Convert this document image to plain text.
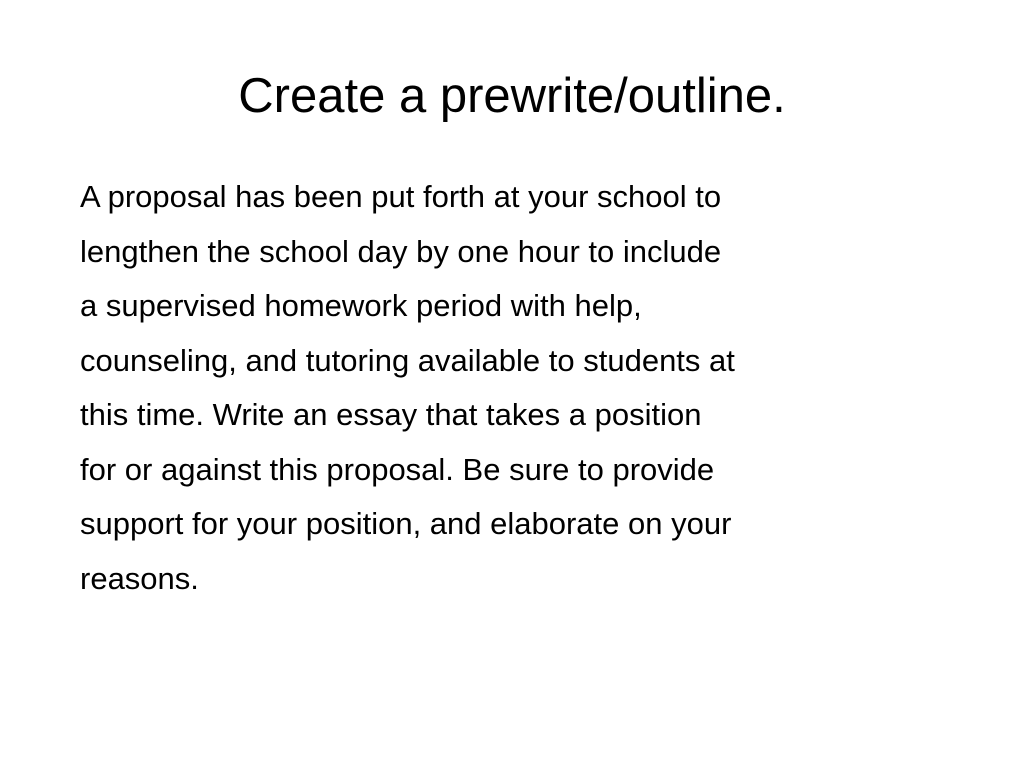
Create a prewrite/outline.
A proposal has been put forth at your school to
lengthen the school day by one hour to include
a supervised homework period with help,
counseling, and tutoring available to students at
this time. Write an essay that takes a position
for or against this proposal. Be sure to provide
support for your position, and elaborate on your
reasons.
